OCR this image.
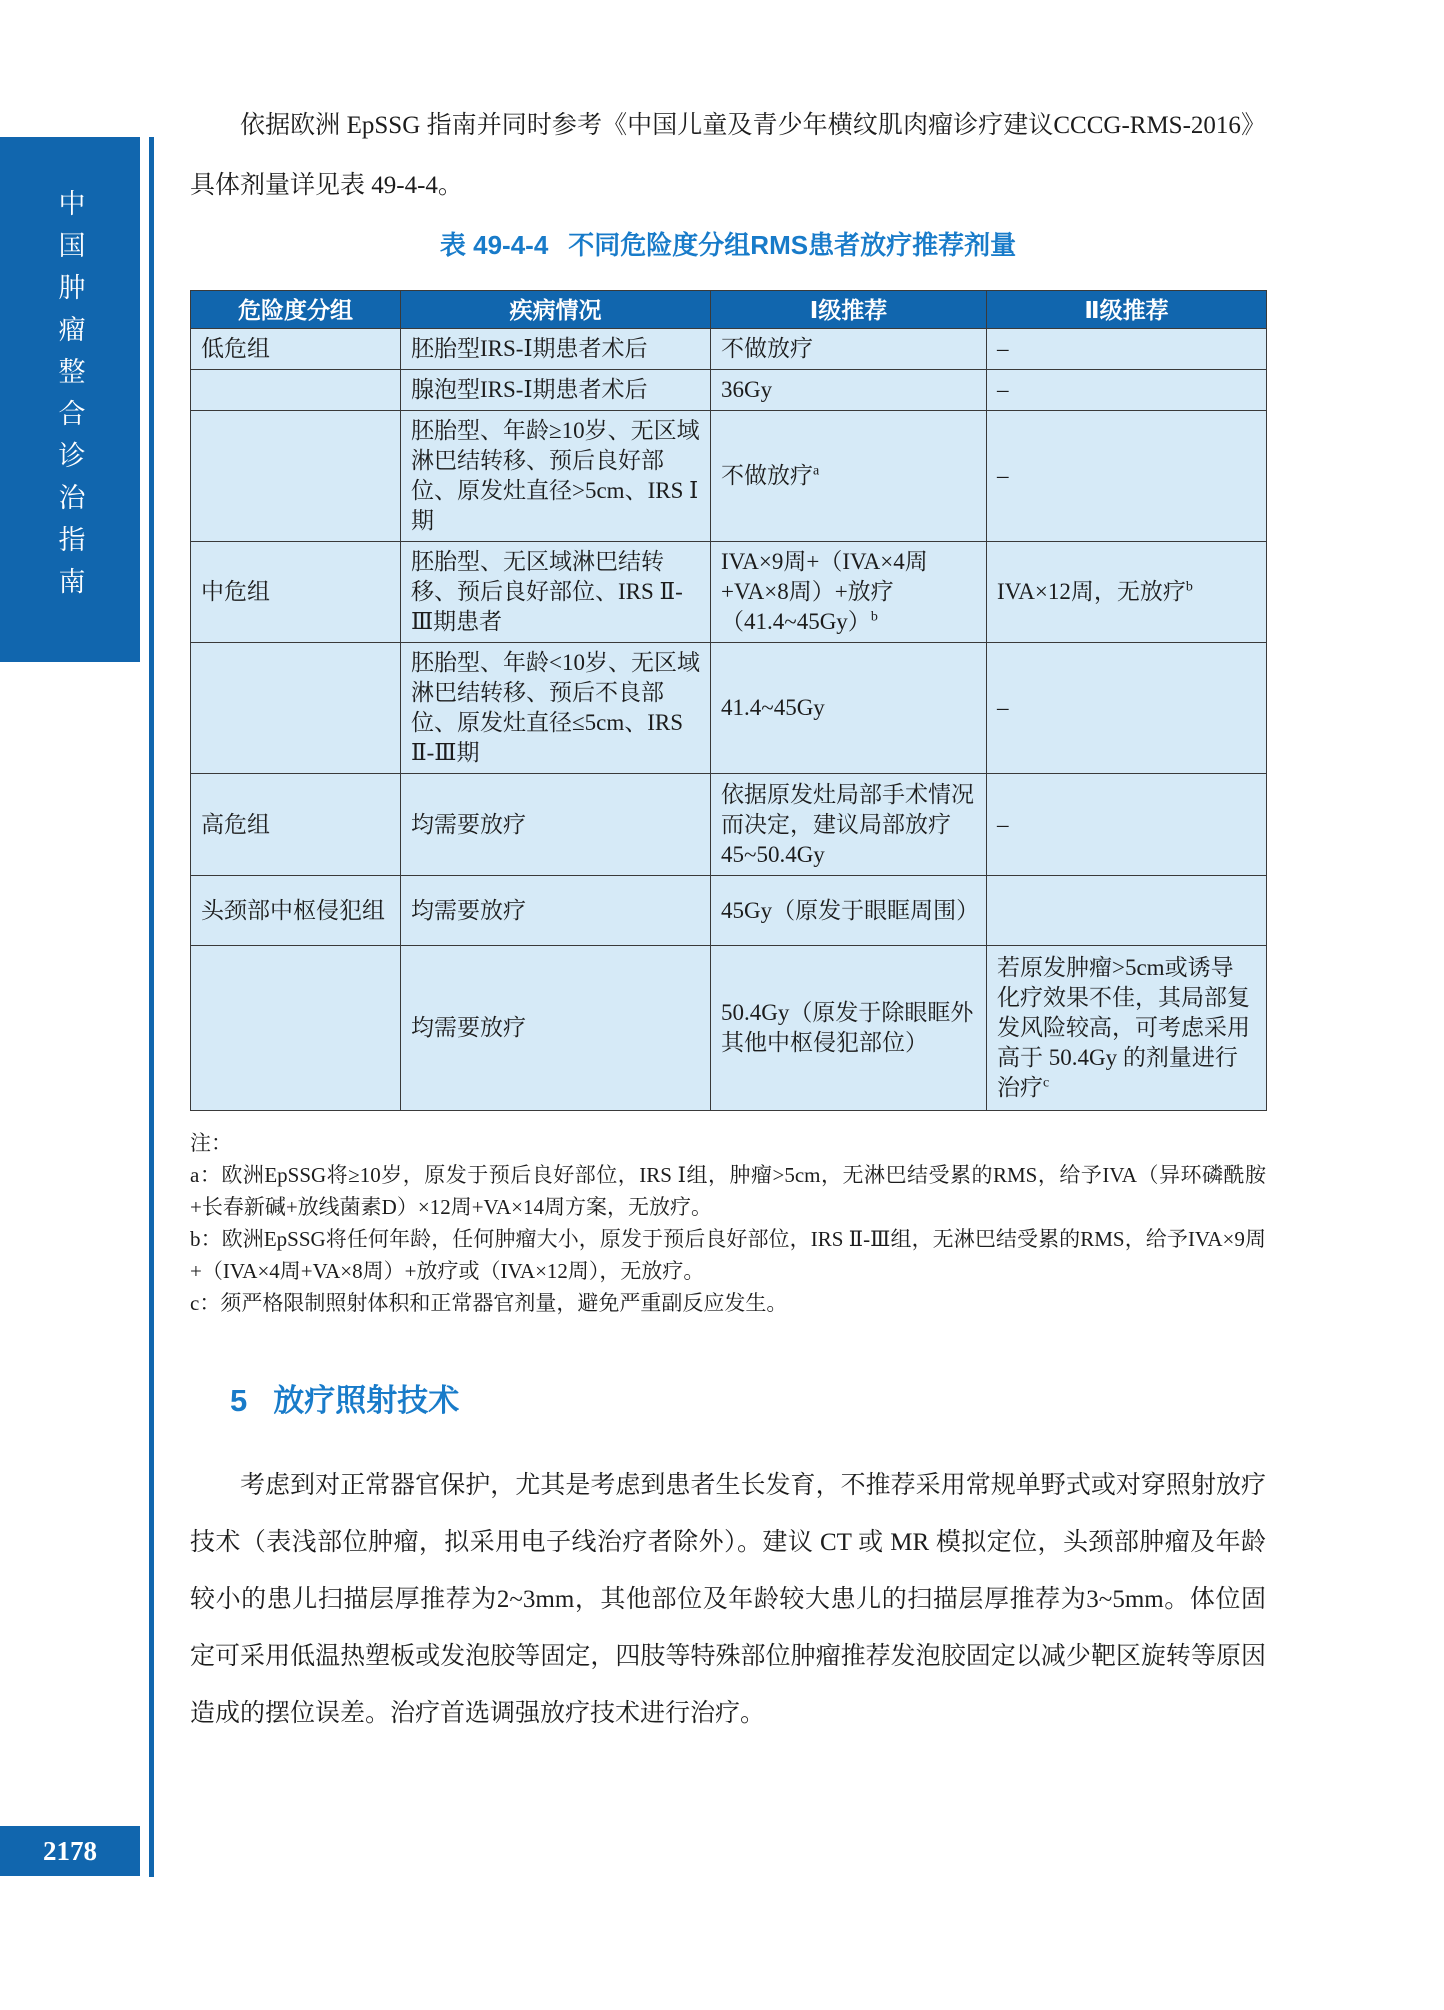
中国肿瘤整合诊治指南
2178

依据欧洲 EpSSG 指南并同时参考《中国儿童及青少年横纹肌肉瘤诊疗建议CCCG-RMS-2016》具体剂量详见表 49-4-4。

表 49-4-4 不同危险度分组RMS患者放疗推荐剂量
危险度分组	疾病情况	Ⅰ级推荐	Ⅱ级推荐
低危组	胚胎型IRS-Ⅰ期患者术后	不做放疗	–
	腺泡型IRS-Ⅰ期患者术后	36Gy	–
	胚胎型、年龄≥10岁、无区域淋巴结转移、预后良好部位、原发灶直径>5cm、IRS Ⅰ期	不做放疗$^a$	–
中危组	胚胎型、无区域淋巴结转移、预后良好部位、IRS Ⅱ-Ⅲ期患者	IVA×9周+（IVA×4周+VA×8周）+放疗（41.4~45Gy）$^b$	IVA×12周，无放疗$^b$
	胚胎型、年龄<10岁、无区域淋巴结转移、预后不良部位、原发灶直径≤5cm、IRS Ⅱ-Ⅲ期	41.4~45Gy	–
高危组	均需要放疗	依据原发灶局部手术情况而决定，建议局部放疗 45~50.4Gy	–
头颈部中枢侵犯组	均需要放疗	45Gy（原发于眼眶周围）	
	均需要放疗	50.4Gy（原发于除眼眶外其他中枢侵犯部位）	若原发肿瘤>5cm或诱导化疗效果不佳，其局部复发风险较高，可考虑采用高于 50.4Gy 的剂量进行治疗$^c$

注：

a：欧洲EpSSG将≥10岁，原发于预后良好部位，IRS Ⅰ组，肿瘤>5cm，无淋巴结受累的RMS，给予IVA（异环磷酰胺+长春新碱+放线菌素D）×12周+VA×14周方案，无放疗。

b：欧洲EpSSG将任何年龄，任何肿瘤大小，原发于预后良好部位，IRS Ⅱ-Ⅲ组，无淋巴结受累的RMS，给予IVA×9周+（IVA×4周+VA×8周）+放疗或（IVA×12周），无放疗。

c：须严格限制照射体积和正常器官剂量，避免严重副反应发生。

5 放疗照射技术

考虑到对正常器官保护，尤其是考虑到患者生长发育，不推荐采用常规单野式或对穿照射放疗技术（表浅部位肿瘤，拟采用电子线治疗者除外）。建议 CT 或 MR 模拟定位，头颈部肿瘤及年龄较小的患儿扫描层厚推荐为2~3mm，其他部位及年龄较大患儿的扫描层厚推荐为3~5mm。体位固定可采用低温热塑板或发泡胶等固定，四肢等特殊部位肿瘤推荐发泡胶固定以减少靶区旋转等原因造成的摆位误差。治疗首选调强放疗技术进行治疗。
